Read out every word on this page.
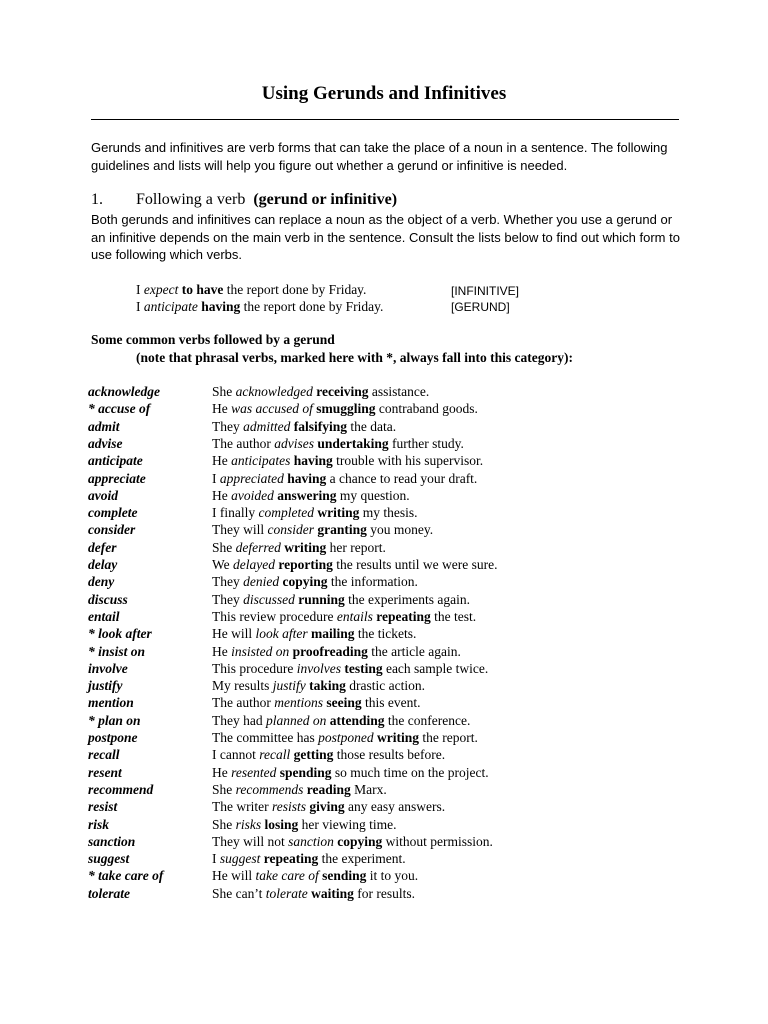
Using Gerunds and Infinitives
Gerunds and infinitives are verb forms that can take the place of a noun in a sentence. The following guidelines and lists will help you figure out whether a gerund or infinitive is needed.
1. Following a verb (gerund or infinitive)
Both gerunds and infinitives can replace a noun as the object of a verb. Whether you use a gerund or an infinitive depends on the main verb in the sentence. Consult the lists below to find out which form to use following which verbs.
I expect to have the report done by Friday.	[INFINITIVE]
I anticipate having the report done by Friday.	[GERUND]
Some common verbs followed by a gerund
(note that phrasal verbs, marked here with *, always fall into this category):
acknowledge	She acknowledged receiving assistance.
* accuse of	He was accused of smuggling contraband goods.
admit	They admitted falsifying the data.
advise	The author advises undertaking further study.
anticipate	He anticipates having trouble with his supervisor.
appreciate	I appreciated having a chance to read your draft.
avoid	He avoided answering my question.
complete	I finally completed writing my thesis.
consider	They will consider granting you money.
defer	She deferred writing her report.
delay	We delayed reporting the results until we were sure.
deny	They denied copying the information.
discuss	They discussed running the experiments again.
entail	This review procedure entails repeating the test.
* look after	He will look after mailing the tickets.
* insist on	He insisted on proofreading the article again.
involve	This procedure involves testing each sample twice.
justify	My results justify taking drastic action.
mention	The author mentions seeing this event.
* plan on	They had planned on attending the conference.
postpone	The committee has postponed writing the report.
recall	I cannot recall getting those results before.
resent	He resented spending so much time on the project.
recommend	She recommends reading Marx.
resist	The writer resists giving any easy answers.
risk	She risks losing her viewing time.
sanction	They will not sanction copying without permission.
suggest	I suggest repeating the experiment.
* take care of	He will take care of sending it to you.
tolerate	She can’t tolerate waiting for results.
